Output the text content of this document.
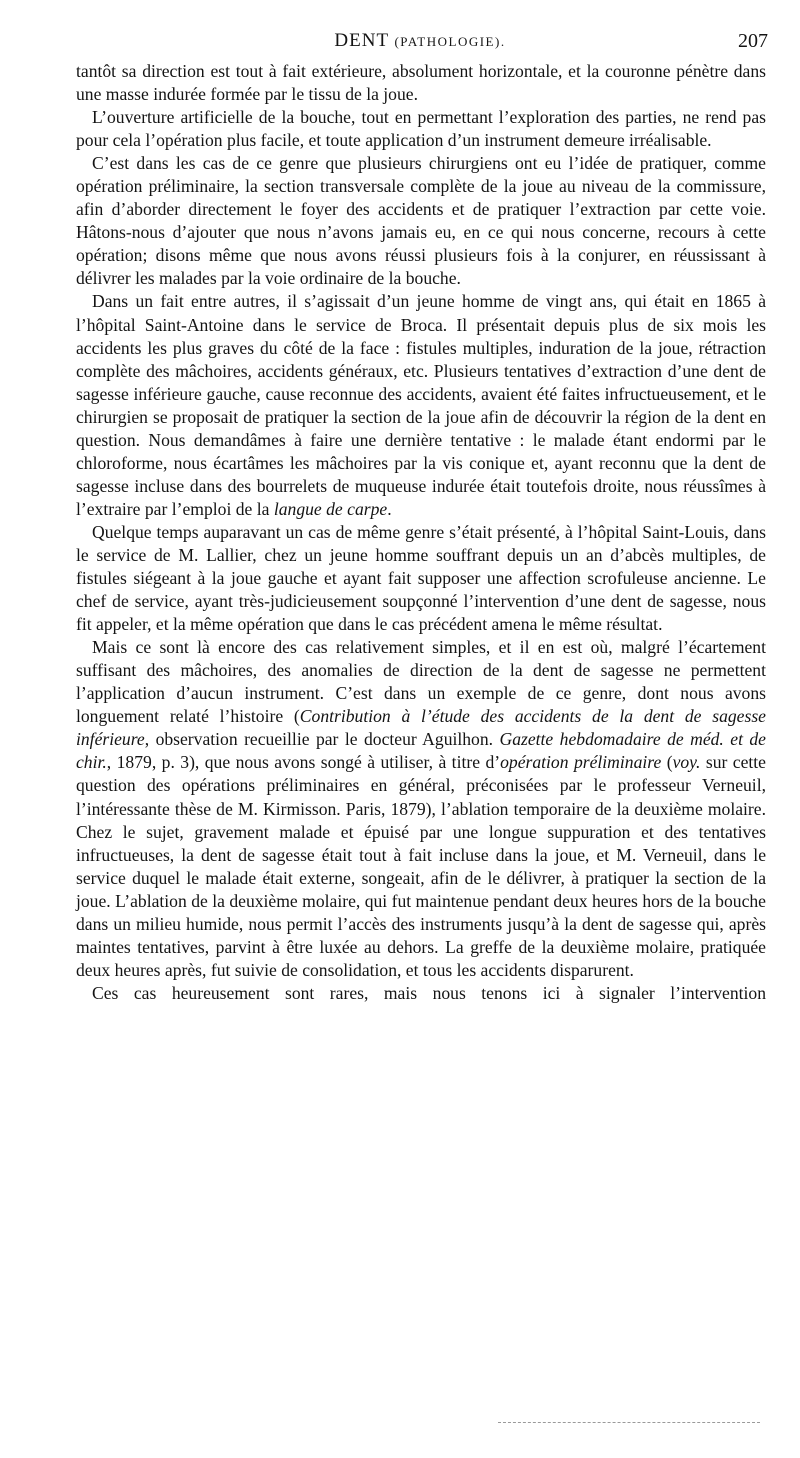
DENT (PATHOLOGIE).	207

tantôt sa direction est tout à fait extérieure, absolument horizontale, et la couronne pénètre dans une masse indurée formée par le tissu de la joue.

L’ouverture artificielle de la bouche, tout en permettant l’exploration des parties, ne rend pas pour cela l’opération plus facile, et toute application d’un instrument demeure irréalisable.

C’est dans les cas de ce genre que plusieurs chirurgiens ont eu l’idée de pratiquer, comme opération préliminaire, la section transversale complète de la joue au niveau de la commissure, afin d’aborder directement le foyer des accidents et de pratiquer l’extraction par cette voie. Hâtons-nous d’ajouter que nous n’avons jamais eu, en ce qui nous concerne, recours à cette opération; disons même que nous avons réussi plusieurs fois à la conjurer, en réussissant à délivrer les malades par la voie ordinaire de la bouche.

Dans un fait entre autres, il s’agissait d’un jeune homme de vingt ans, qui était en 1865 à l’hôpital Saint-Antoine dans le service de Broca. Il présentait depuis plus de six mois les accidents les plus graves du côté de la face : fistules multiples, induration de la joue, rétraction complète des mâchoires, accidents généraux, etc. Plusieurs tentatives d’extraction d’une dent de sagesse inférieure gauche, cause reconnue des accidents, avaient été faites infructueusement, et le chirurgien se proposait de pratiquer la section de la joue afin de découvrir la région de la dent en question. Nous demandâmes à faire une dernière tentative : le malade étant endormi par le chloroforme, nous écartâmes les mâchoires par la vis conique et, ayant reconnu que la dent de sagesse incluse dans des bourrelets de muqueuse indurée était toutefois droite, nous réussîmes à l’extraire par l’emploi de la langue de carpe.

Quelque temps auparavant un cas de même genre s’était présenté, à l’hôpital Saint-Louis, dans le service de M. Lallier, chez un jeune homme souffrant depuis un an d’abcès multiples, de fistules siégeant à la joue gauche et ayant fait supposer une affection scrofuleuse ancienne. Le chef de service, ayant très-judicieusement soupçonné l’intervention d’une dent de sagesse, nous fit appeler, et la même opération que dans le cas précédent amena le même résultat.

Mais ce sont là encore des cas relativement simples, et il en est où, malgré l’écartement suffisant des mâchoires, des anomalies de direction de la dent de sagesse ne permettent l’application d’aucun instrument. C’est dans un exemple de ce genre, dont nous avons longuement relaté l’histoire (Contribution à l’étude des accidents de la dent de sagesse inférieure, observation recueillie par le docteur Aguilhon. Gazette hebdomadaire de méd. et de chir., 1879, p. 3), que nous avons songé à utiliser, à titre d’opération préliminaire (voy. sur cette question des opérations préliminaires en général, préconisées par le professeur Verneuil, l’intéressante thèse de M. Kirmisson. Paris, 1879), l’ablation temporaire de la deuxième molaire. Chez le sujet, gravement malade et épuisé par une longue suppuration et des tentatives infructueuses, la dent de sagesse était tout à fait incluse dans la joue, et M. Verneuil, dans le service duquel le malade était externe, songeait, afin de le délivrer, à pratiquer la section de la joue. L’ablation de la deuxième molaire, qui fut maintenue pendant deux heures hors de la bouche dans un milieu humide, nous permit l’accès des instruments jusqu’à la dent de sagesse qui, après maintes tentatives, parvint à être luxée au dehors. La greffe de la deuxième molaire, pratiquée deux heures après, fut suivie de consolidation, et tous les accidents disparurent.

Ces cas heureusement sont rares, mais nous tenons ici à signaler l’intervention
